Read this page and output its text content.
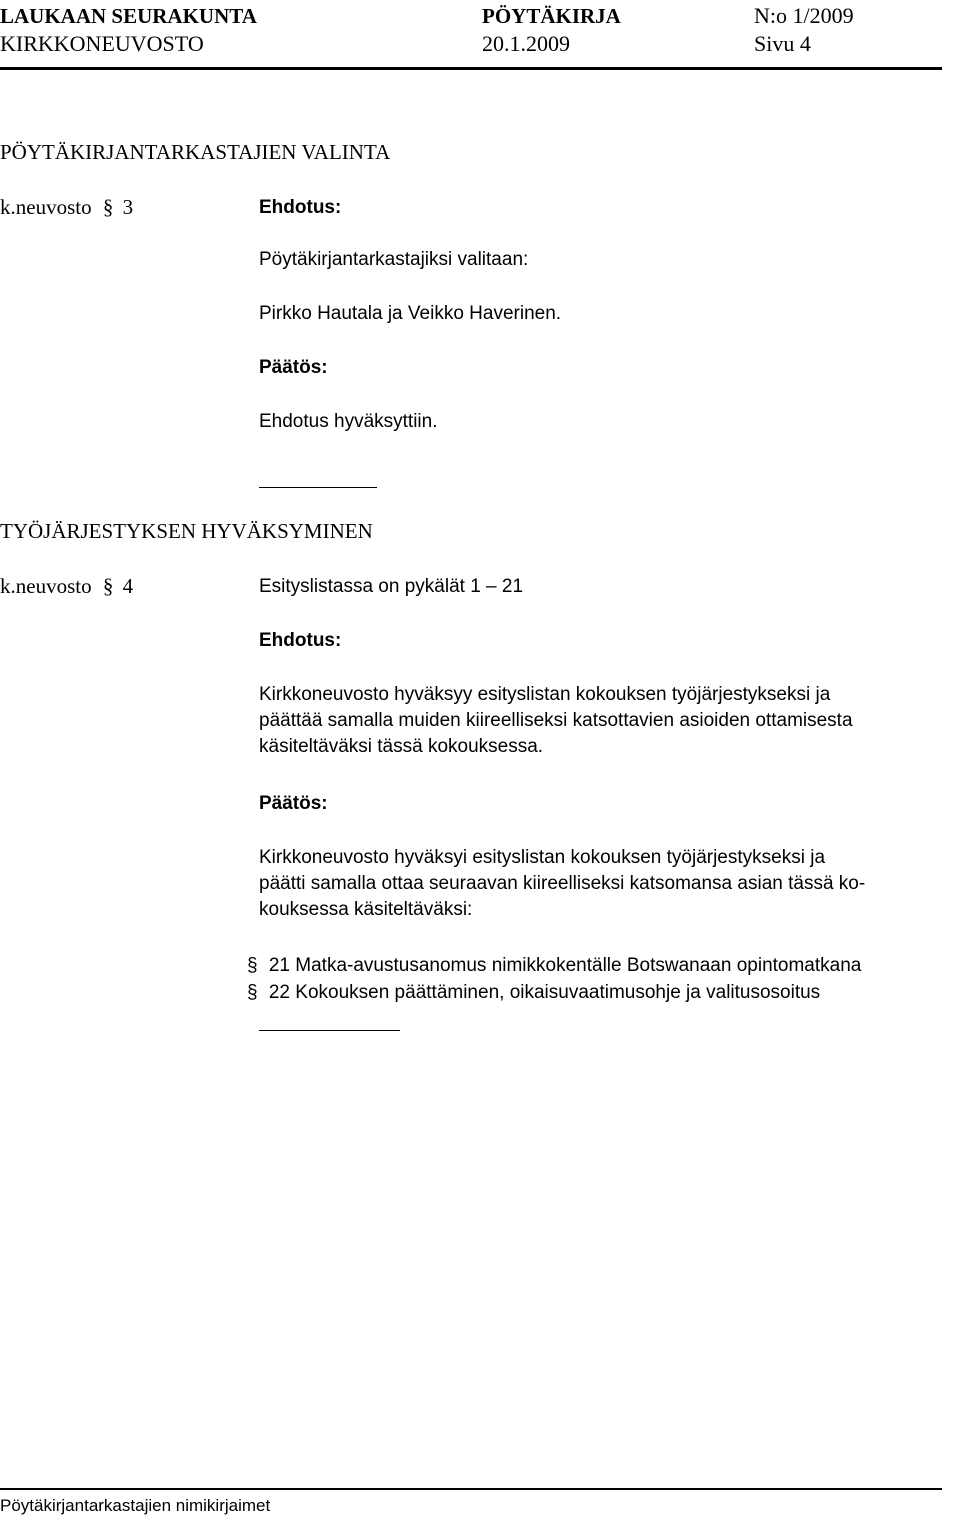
LAUKAAN SEURAKUNTA	PÖYTÄKIRJA	N:o 1/2009
KIRKKONEUVOSTO	20.1.2009	Sivu 4
PÖYTÄKIRJANTARKASTAJIEN VALINTA
k.neuvosto § 3	Ehdotus:
Pöytäkirjantarkastajiksi valitaan:
Pirkko Hautala ja Veikko Haverinen.
Päätös:
Ehdotus hyväksyttiin.
TYÖJÄRJESTYKSEN HYVÄKSYMINEN
k.neuvosto § 4	Esityslistassa on pykälät 1 – 21
Ehdotus:
Kirkkoneuvosto hyväksyy esityslistan kokouksen työjärjestykseksi ja
päättää samalla muiden kiireelliseksi katsottavien asioiden ottamisesta
käsiteltäväksi tässä kokouksessa.
Päätös:
Kirkkoneuvosto hyväksyi esityslistan kokouksen työjärjestykseksi ja
päätti samalla ottaa seuraavan kiireelliseksi katsomansa asian tässä ko-
kouksessa käsiteltäväksi:
§ 21 Matka-avustusanomus nimikkokentälle Botswanaan opintomatkana
§ 22 Kokouksen päättäminen, oikaisuvaatimusohje ja valitusosoitus
Pöytäkirjantarkastajien nimikirjaimet
